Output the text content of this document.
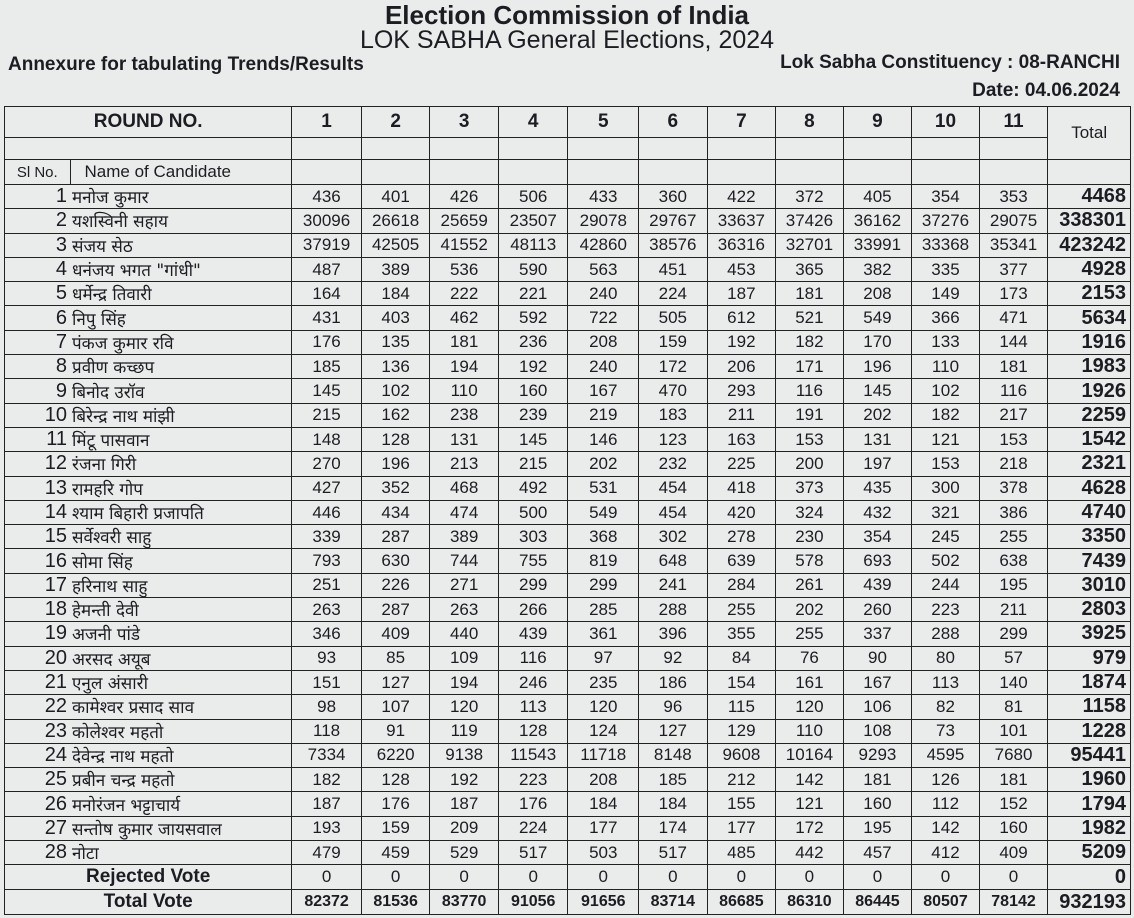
Election Commission of India
LOK SABHA General Elections, 2024
Annexure for tabulating Trends/Results	Lok Sabha Constituency : 08-RANCHI
Date: 04.06.2024
ROUND NO.		1	2	3	4	5	6	7	8	9	10	11	Total

Sl No.	Name of Candidate												
1	मनोज कुमार	436	401	426	506	433	360	422	372	405	354	353	4468
2	यशस्विनी सहाय	30096	26618	25659	23507	29078	29767	33637	37426	36162	37276	29075	338301
3	संजय सेठ	37919	42505	41552	48113	42860	38576	36316	32701	33991	33368	35341	423242
4	धनंजय भगत "गांधी"	487	389	536	590	563	451	453	365	382	335	377	4928
5	धर्मेन्द्र तिवारी	164	184	222	221	240	224	187	181	208	149	173	2153
6	निपु सिंह	431	403	462	592	722	505	612	521	549	366	471	5634
7	पंकज कुमार रवि	176	135	181	236	208	159	192	182	170	133	144	1916
8	प्रवीण कच्छप	185	136	194	192	240	172	206	171	196	110	181	1983
9	बिनोद उरॉव	145	102	110	160	167	470	293	116	145	102	116	1926
10	बिरेन्द्र नाथ मांझी	215	162	238	239	219	183	211	191	202	182	217	2259
11	मिंटू पासवान	148	128	131	145	146	123	163	153	131	121	153	1542
12	रंजना गिरी	270	196	213	215	202	232	225	200	197	153	218	2321
13	रामहरि गोप	427	352	468	492	531	454	418	373	435	300	378	4628
14	श्याम बिहारी प्रजापति	446	434	474	500	549	454	420	324	432	321	386	4740
15	सर्वेश्वरी साहु	339	287	389	303	368	302	278	230	354	245	255	3350
16	सोमा सिंह	793	630	744	755	819	648	639	578	693	502	638	7439
17	हरिनाथ साहु	251	226	271	299	299	241	284	261	439	244	195	3010
18	हेमन्ती देवी	263	287	263	266	285	288	255	202	260	223	211	2803
19	अजनी पांडे	346	409	440	439	361	396	355	255	337	288	299	3925
20	अरसद अयूब	93	85	109	116	97	92	84	76	90	80	57	979
21	एनुल अंसारी	151	127	194	246	235	186	154	161	167	113	140	1874
22	कामेश्वर प्रसाद साव	98	107	120	113	120	96	115	120	106	82	81	1158
23	कोलेश्वर महतो	118	91	119	128	124	127	129	110	108	73	101	1228
24	देवेन्द्र नाथ महतो	7334	6220	9138	11543	11718	8148	9608	10164	9293	4595	7680	95441
25	प्रबीन चन्द्र महतो	182	128	192	223	208	185	212	142	181	126	181	1960
26	मनोरंजन भट्टाचार्य	187	176	187	176	184	184	155	121	160	112	152	1794
27	सन्तोष कुमार जायसवाल	193	159	209	224	177	174	177	172	195	142	160	1982
28	नोटा	479	459	529	517	503	517	485	442	457	412	409	5209
Rejected Vote		0	0	0	0	0	0	0	0	0	0	0	0
Total Vote		82372	81536	83770	91056	91656	83714	86685	86310	86445	80507	78142	932193
